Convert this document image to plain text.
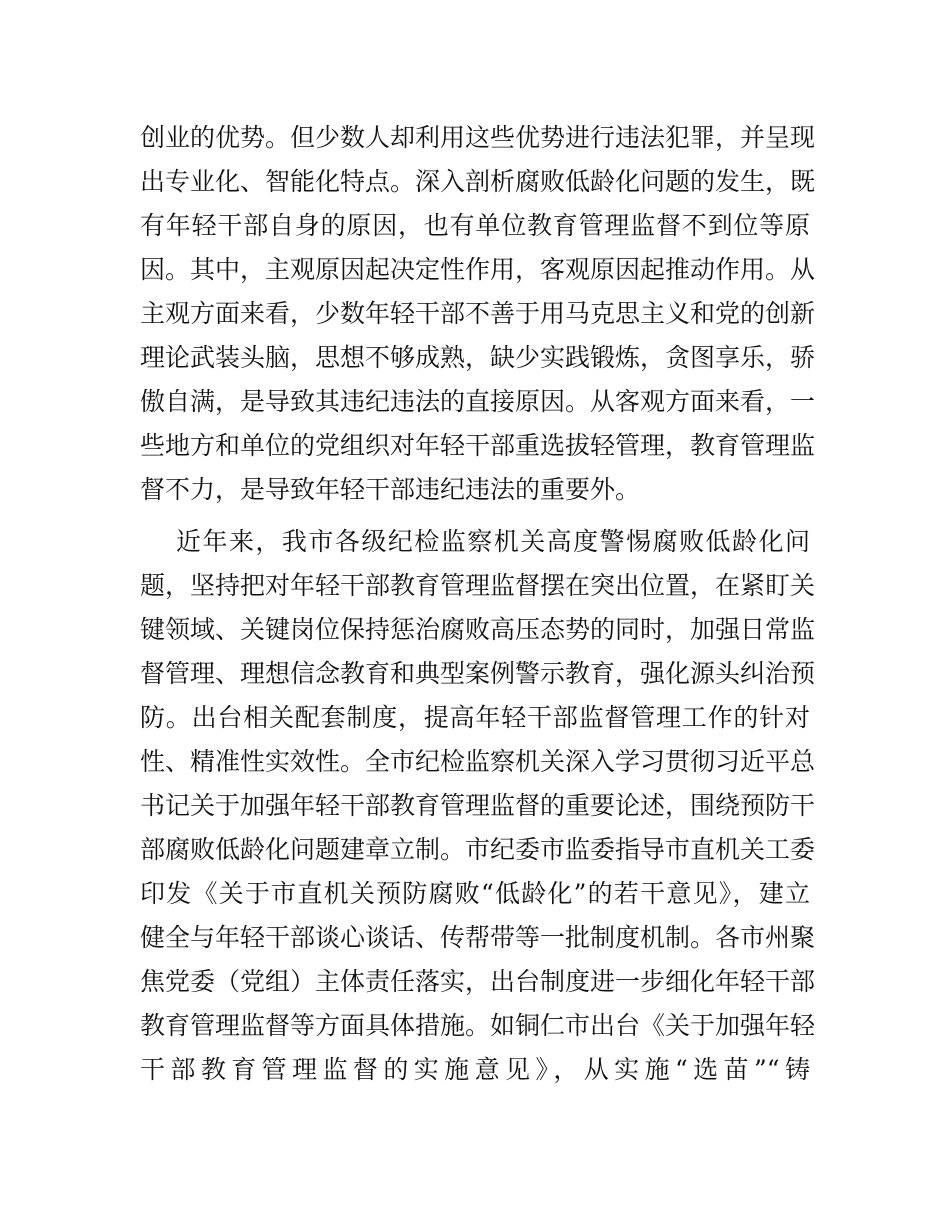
创业的优势。但少数人却利用这些优势进行违法犯罪，并呈现
出专业化、智能化特点。深入剖析腐败低龄化问题的发生，既
有年轻干部自身的原因，也有单位教育管理监督不到位等原
因。其中，主观原因起决定性作用，客观原因起推动作用。从
主观方面来看，少数年轻干部不善于用马克思主义和党的创新
理论武装头脑，思想不够成熟，缺少实践锻炼，贪图享乐，骄
傲自满，是导致其违纪违法的直接原因。从客观方面来看，一
些地方和单位的党组织对年轻干部重选拔轻管理，教育管理监
督不力，是导致年轻干部违纪违法的重要外。
近年来，我市各级纪检监察机关高度警惕腐败低龄化问
题，坚持把对年轻干部教育管理监督摆在突出位置，在紧盯关
键领域、关键岗位保持惩治腐败高压态势的同时，加强日常监
督管理、理想信念教育和典型案例警示教育，强化源头纠治预
防。出台相关配套制度，提高年轻干部监督管理工作的针对
性、精准性实效性。全市纪检监察机关深入学习贯彻习近平总
书记关于加强年轻干部教育管理监督的重要论述，围绕预防干
部腐败低龄化问题建章立制。市纪委市监委指导市直机关工委
印发《关于市直机关预防腐败“低龄化”的若干意见》，建立
健全与年轻干部谈心谈话、传帮带等一批制度机制。各市州聚
焦党委（党组）主体责任落实，出台制度进一步细化年轻干部
教育管理监督等方面具体措施。如铜仁市出台《关于加强年轻
干部教育管理监督的实施意见》，从实施“选苗”“铸
